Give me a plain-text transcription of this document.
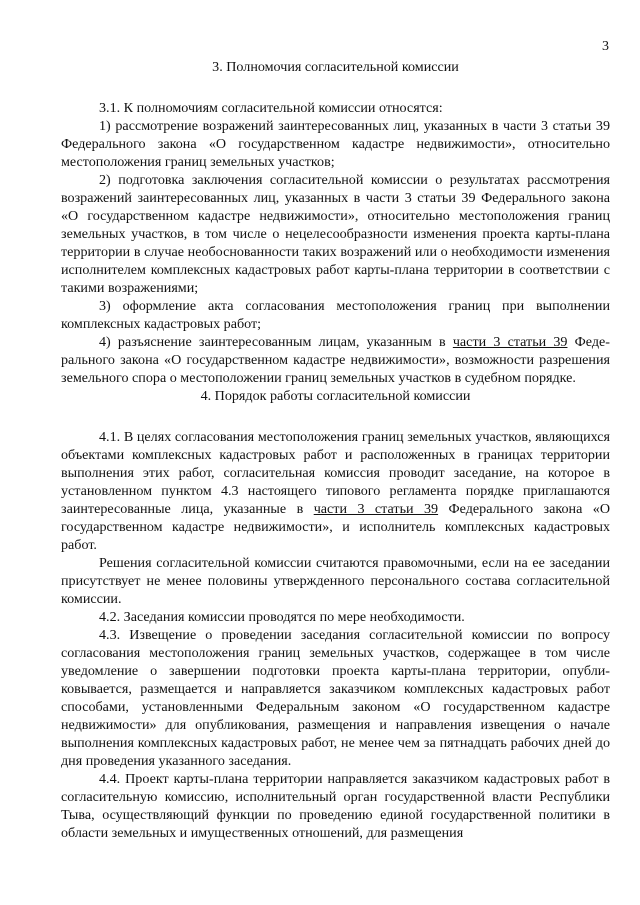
3
3. Полномочия согласительной комиссии

3.1. К полномочиям согласительной комиссии относятся:

1) рассмотрение возражений заинтересованных лиц, указанных в части 3 статьи 39 Федерального закона «О государственном кадастре недвижимости», относительно местоположения границ земельных участков;

2) подготовка заключения согласительной комиссии о результатах рассмотрения возражений заинтересованных лиц, указанных в части 3 статьи 39 Федерального закона «О государственном кадастре недвижимости», относительно местоположения границ земельных участков, в том числе о нецелесообразности изменения проекта карты-плана территории в случае необоснованности таких возражений или о необходимости изменения исполнителем комплексных кадастровых работ карты-плана территории в соответствии с такими возражениями;

3) оформление акта согласования местоположения границ при выполнении комплексных кадастровых работ;

4) разъяснение заинтересованным лицам, указанным в части 3 статьи 39 Федерального закона «О государственном кадастре недвижимости», возможности разрешения земельного спора о местоположении границ земельных участков в судебном порядке.

4. Порядок работы согласительной комиссии

4.1. В целях согласования местоположения границ земельных участков, являющихся объектами комплексных кадастровых работ и расположенных в границах территории выполнения этих работ, согласительная комиссия проводит заседание, на которое в установленном пунктом 4.3 настоящего типового регламента порядке приглашаются заинтересованные лица, указанные в части 3 статьи 39 Федерального закона «О государственном кадастре недвижимости», и исполнитель комплексных кадастровых работ.

Решения согласительной комиссии считаются правомочными, если на ее заседании присутствует не менее половины утвержденного персонального состава согласительной комиссии.

4.2. Заседания комиссии проводятся по мере необходимости.

4.3. Извещение о проведении заседания согласительной комиссии по вопросу согласования местоположения границ земельных участков, содержащее в том числе уведомление о завершении подготовки проекта карты-плана территории, опубликовывается, размещается и направляется заказчиком комплексных кадастровых работ способами, установленными Федеральным законом «О государственном кадастре недвижимости» для опубликования, размещения и направления извещения о начале выполнения комплексных кадастровых работ, не менее чем за пятнадцать рабочих дней до дня проведения указанного заседания.

4.4. Проект карты-плана территории направляется заказчиком кадастровых работ в согласительную комиссию, исполнительный орган государственной власти Республики Тыва, осуществляющий функции по проведению единой государственной политики в области земельных и имущественных отношений, для размещения
